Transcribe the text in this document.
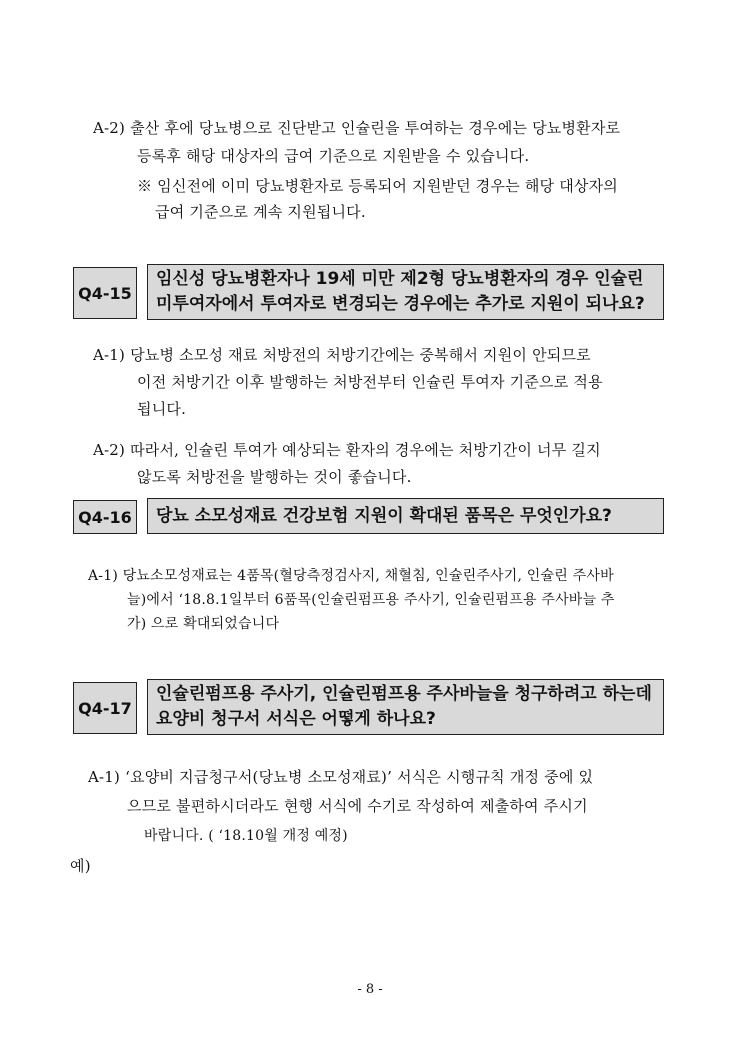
A-2) 출산 후에 당뇨병으로 진단받고 인슐린을 투여하는 경우에는 당뇨병환자로
등록후 해당 대상자의 급여 기준으로 지원받을 수 있습니다.
※ 임신전에 이미 당뇨병환자로 등록되어 지원받던 경우는 해당 대상자의
급여 기준으로 계속 지원됩니다.
Q4-15
임신성 당뇨병환자나 19세 미만 제2형 당뇨병환자의 경우 인슐린
미투여자에서 투여자로 변경되는 경우에는 추가로 지원이 되나요?
A-1) 당뇨병 소모성 재료 처방전의 처방기간에는 중복해서 지원이 안되므로
이전 처방기간 이후 발행하는 처방전부터 인슐린 투여자 기준으로 적용
됩니다.
A-2) 따라서, 인슐린 투여가 예상되는 환자의 경우에는 처방기간이 너무 길지
않도록 처방전을 발행하는 것이 좋습니다.
Q4-16	당뇨 소모성재료 건강보험 지원이 확대된 품목은 무엇인가요?
A-1) 당뇨소모성재료는 4품목(혈당측정검사지, 채혈침, 인슐린주사기, 인슐린 주사바
늘)에서 ‘18.8.1일부터 6품목(인슐린펌프용 주사기, 인슐린펌프용 주사바늘 추
가) 으로 확대되었습니다
Q4-17
인슐린펌프용 주사기, 인슐린펌프용 주사바늘을 청구하려고 하는데
요양비 청구서 서식은 어떻게 하나요?
A-1) ‘요양비 지급청구서(당뇨병 소모성재료)’ 서식은 시행규칙 개정 중에 있
으므로 불편하시더라도 현행 서식에 수기로 작성하여 제출하여 주시기
바랍니다. ( ‘18.10월 개정 예정)
예)
- 8 -
